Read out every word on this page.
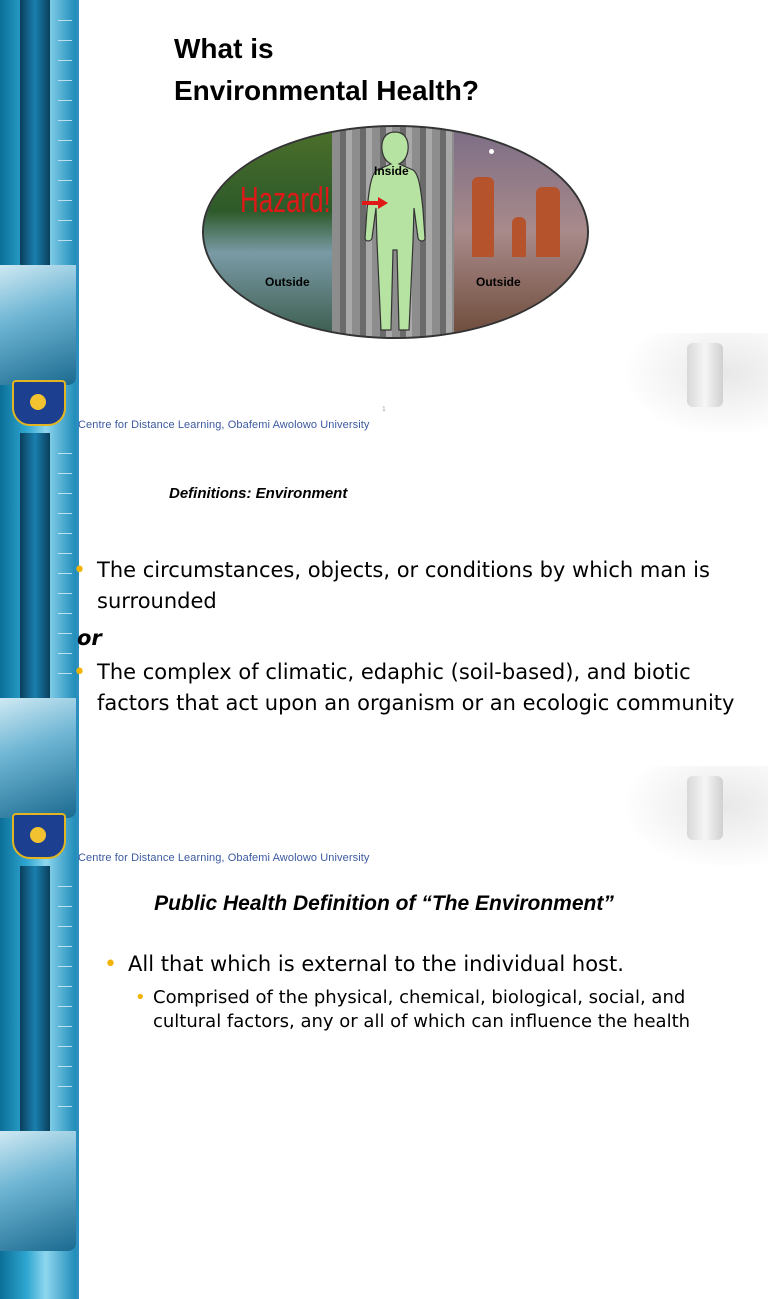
What is
Environmental Health?
Hazard!
Inside
Outside	Outside
1
Centre for Distance Learning, Obafemi Awolowo University
Definitions: Environment
• The circumstances, objects, or conditions by which man is surrounded
or
• The complex of climatic, edaphic (soil-based), and biotic factors that act upon an organism or an ecologic community
Centre for Distance Learning, Obafemi Awolowo University
Public Health Definition of “The Environment”
• All that which is external to the individual host.
• Comprised of the physical, chemical, biological, social, and cultural factors, any or all of which can influence the health
